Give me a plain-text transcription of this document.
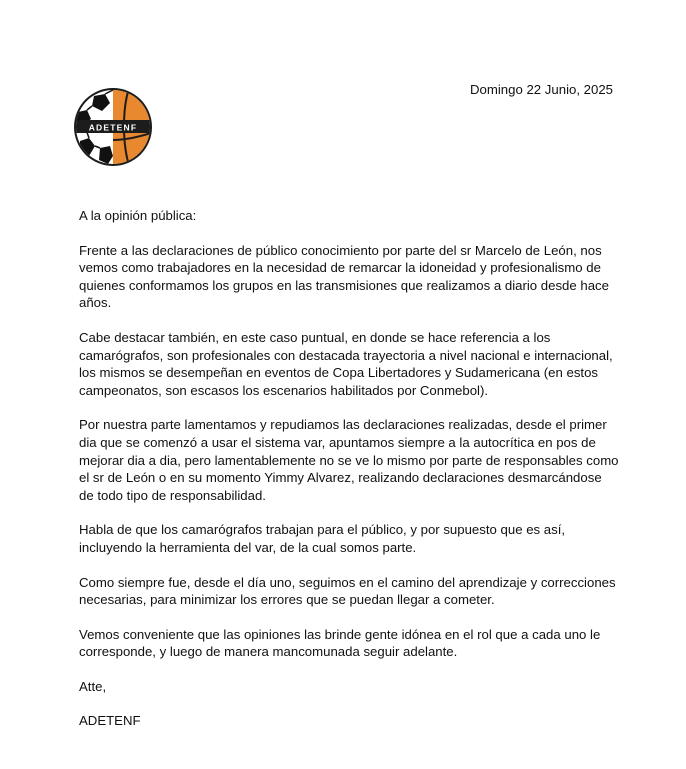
Domingo 22 Junio, 2025
ADETENF

A la opinión pública:

Frente a las declaraciones de público conocimiento por parte del sr Marcelo de León, nos vemos como trabajadores en la necesidad de remarcar la idoneidad y profesionalismo de quienes conformamos los grupos en las transmisiones que realizamos a diario desde hace años.

Cabe destacar también, en este caso puntual, en donde se hace referencia a los camarógrafos, son profesionales con destacada trayectoria a nivel nacional e internacional, los mismos se desempeñan en eventos de Copa Libertadores y Sudamericana (en estos campeonatos, son escasos los escenarios habilitados por Conmebol).

Por nuestra parte lamentamos y repudiamos las declaraciones realizadas, desde el primer dia que se comenzó a usar el sistema var, apuntamos siempre a la autocrítica en pos de mejorar dia a dia, pero lamentablemente no se ve lo mismo por parte de responsables como el sr de León o en su momento Yimmy Alvarez, realizando declaraciones desmarcándose de todo tipo de responsabilidad.

Habla de que los camarógrafos trabajan para el público, y por supuesto que es así, incluyendo la herramienta del var, de la cual somos parte.

Como siempre fue, desde el día uno, seguimos en el camino del aprendizaje y correcciones necesarias, para minimizar los errores que se puedan llegar a cometer.

Vemos conveniente que las opiniones las brinde gente idónea en el rol que a cada uno le corresponde, y luego de manera mancomunada seguir adelante.

Atte,

ADETENF
